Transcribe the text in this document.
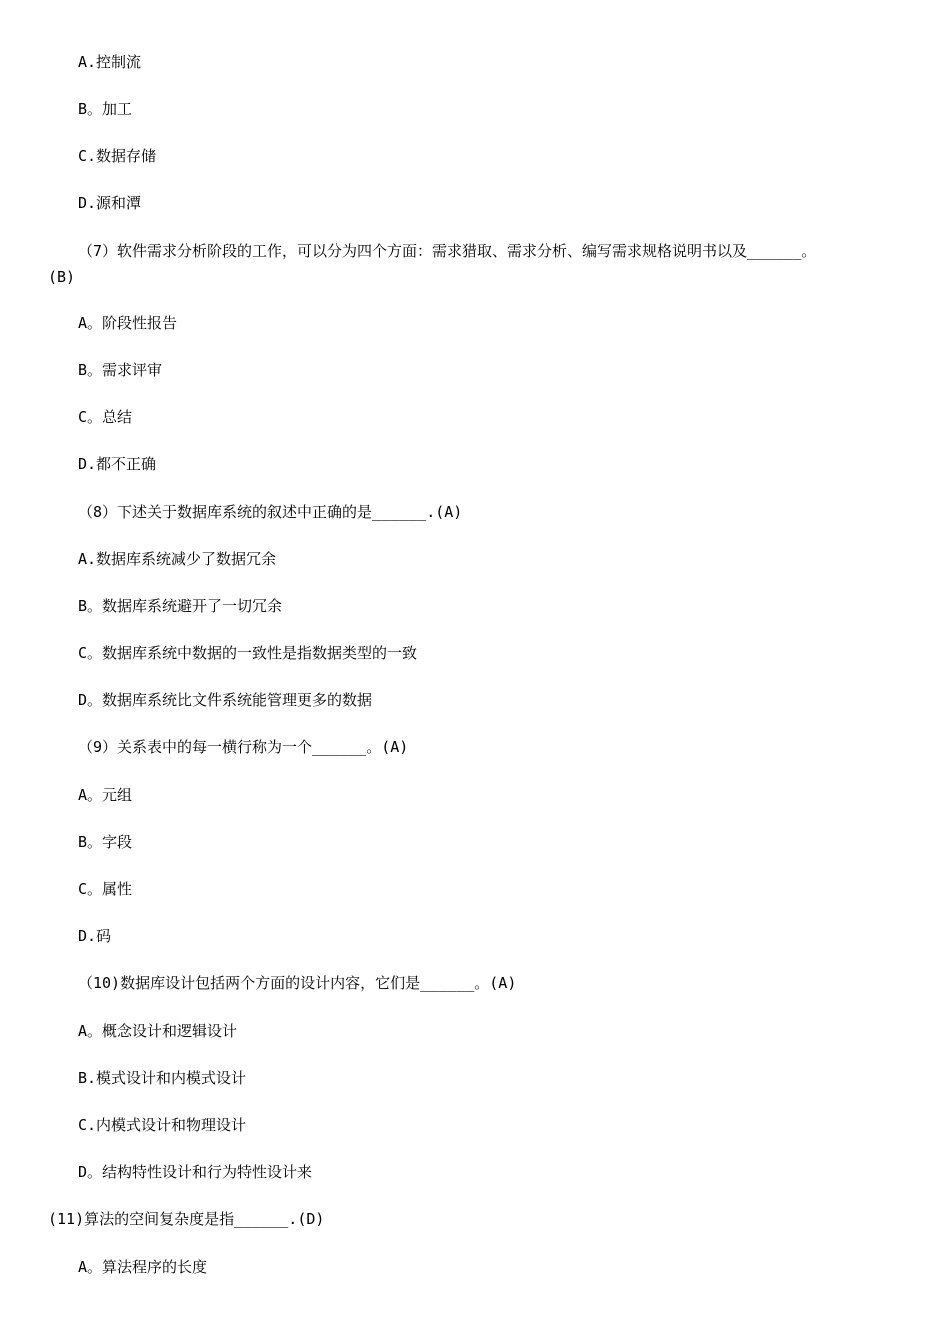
A.控制流
B。加工
C.数据存储
D.源和潭
（7）软件需求分析阶段的工作，可以分为四个方面：需求猎取、需求分析、编写需求规格说明书以及______。
(B)
A。阶段性报告
B。需求评审
C。总结
D.都不正确
（8）下述关于数据库系统的叙述中正确的是______.(A)
A.数据库系统减少了数据冗余
B。数据库系统避开了一切冗余
C。数据库系统中数据的一致性是指数据类型的一致
D。数据库系统比文件系统能管理更多的数据
（9）关系表中的每一横行称为一个______。(A)
A。元组
B。字段
C。属性
D.码
（10)数据库设计包括两个方面的设计内容，它们是______。(A)
A。概念设计和逻辑设计
B.模式设计和内模式设计
C.内模式设计和物理设计
D。结构特性设计和行为特性设计来
(11)算法的空间复杂度是指______.(D)
A。算法程序的长度
